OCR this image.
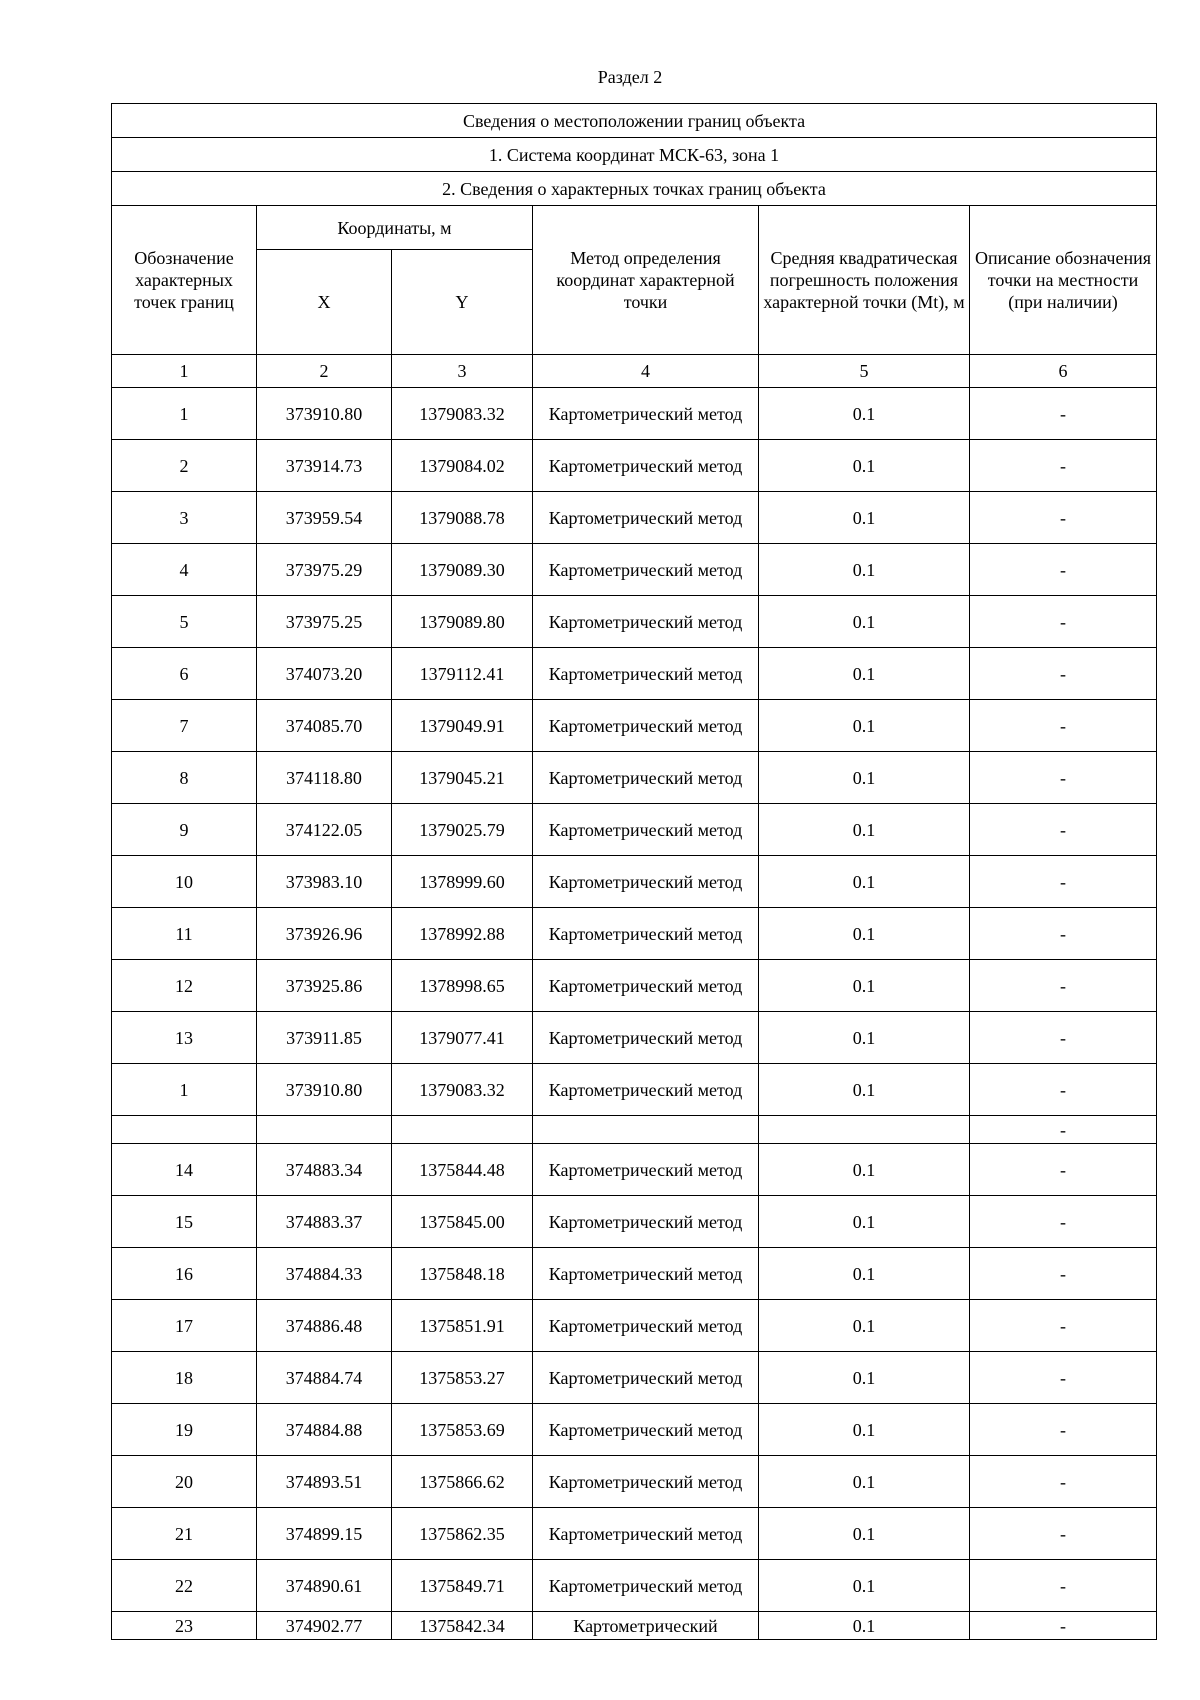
Раздел 2
Сведения о местоположении границ объекта					
1. Система координат МСК-63, зона 1					
2. Сведения о характерных точках границ объекта					
Обозначение характерных точек границ	Координаты, м		Метод определения координат характерной точки	Средняя квадратическая погрешность положения характерной точки (Mt), м	Описание обозначения точки на местности (при наличии)
	X	Y			
1	2	3	4	5	6
1	373910.80	1379083.32	Картометрический метод	0.1	-
2	373914.73	1379084.02	Картометрический метод	0.1	-
3	373959.54	1379088.78	Картометрический метод	0.1	-
4	373975.29	1379089.30	Картометрический метод	0.1	-
5	373975.25	1379089.80	Картометрический метод	0.1	-
6	374073.20	1379112.41	Картометрический метод	0.1	-
7	374085.70	1379049.91	Картометрический метод	0.1	-
8	374118.80	1379045.21	Картометрический метод	0.1	-
9	374122.05	1379025.79	Картометрический метод	0.1	-
10	373983.10	1378999.60	Картометрический метод	0.1	-
11	373926.96	1378992.88	Картометрический метод	0.1	-
12	373925.86	1378998.65	Картометрический метод	0.1	-
13	373911.85	1379077.41	Картометрический метод	0.1	-
1	373910.80	1379083.32	Картометрический метод	0.1	-
					-
14	374883.34	1375844.48	Картометрический метод	0.1	-
15	374883.37	1375845.00	Картометрический метод	0.1	-
16	374884.33	1375848.18	Картометрический метод	0.1	-
17	374886.48	1375851.91	Картометрический метод	0.1	-
18	374884.74	1375853.27	Картометрический метод	0.1	-
19	374884.88	1375853.69	Картометрический метод	0.1	-
20	374893.51	1375866.62	Картометрический метод	0.1	-
21	374899.15	1375862.35	Картометрический метод	0.1	-
22	374890.61	1375849.71	Картометрический метод	0.1	-
23	374902.77	1375842.34	Картометрический	0.1	-
